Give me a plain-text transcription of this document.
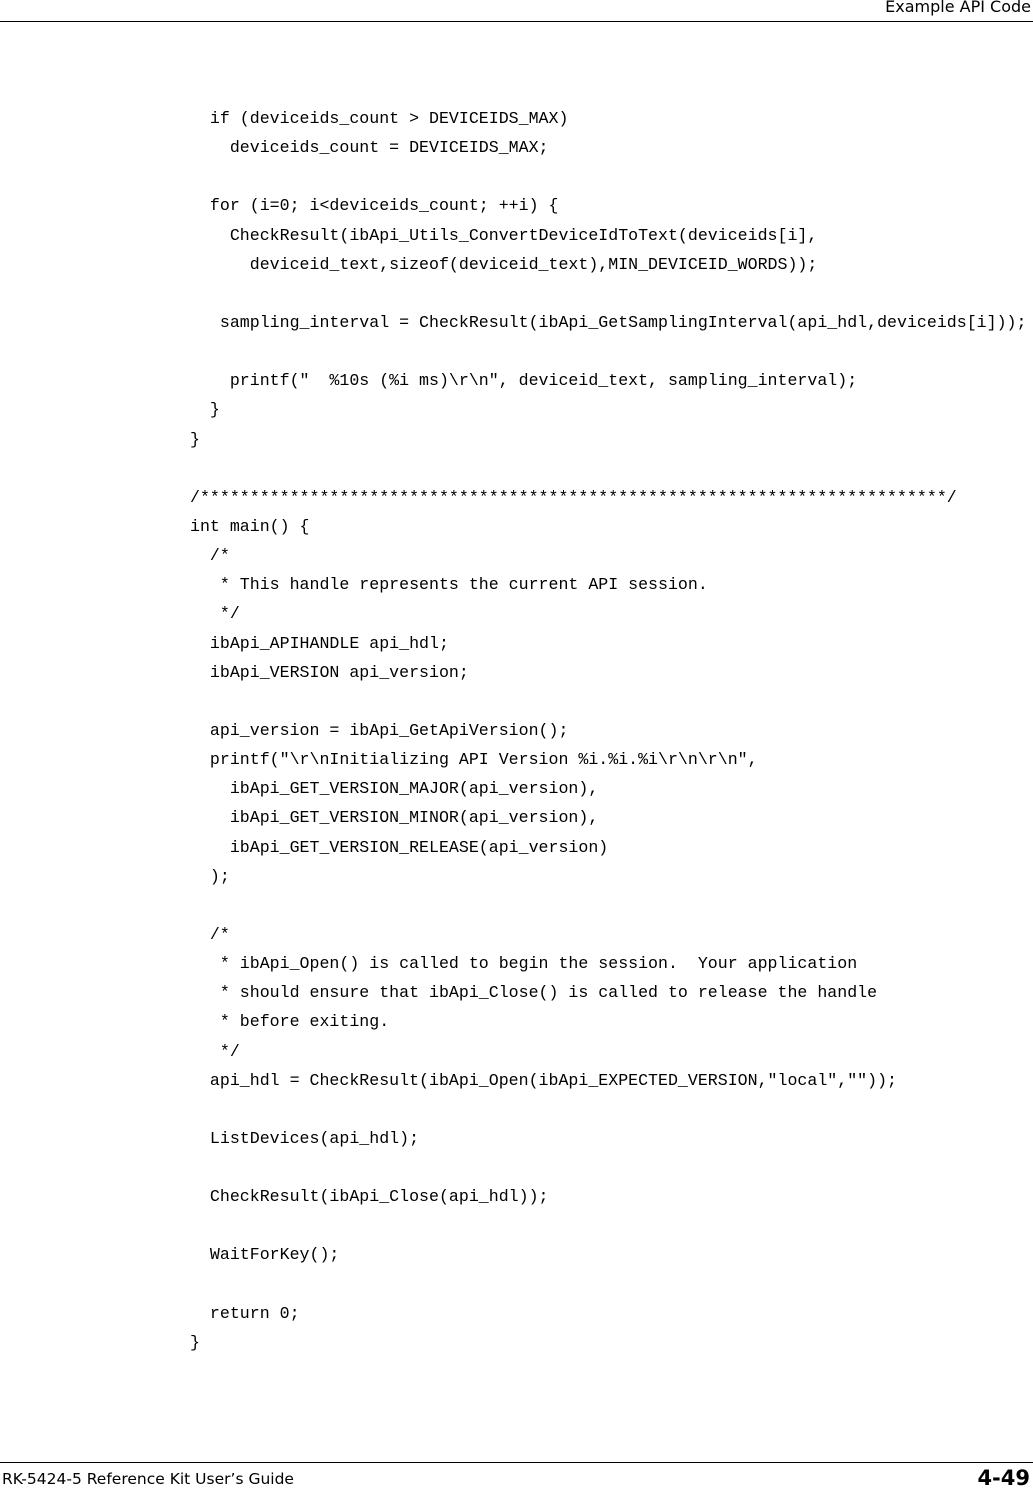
Example API Code
if (deviceids_count > DEVICEIDS_MAX)
deviceids_count = DEVICEIDS_MAX;
for (i=0; i<deviceids_count; ++i) {
CheckResult(ibApi_Utils_ConvertDeviceIdToText(deviceids[i],
deviceid_text,sizeof(deviceid_text),MIN_DEVICEID_WORDS));
sampling_interval = CheckResult(ibApi_GetSamplingInterval(api_hdl,deviceids[i]));
printf("  %10s (%i ms)\r\n", deviceid_text, sampling_interval);
}
}
/***************************************************************************/
int main() {
/*
* This handle represents the current API session.
*/
ibApi_APIHANDLE api_hdl;
ibApi_VERSION api_version;
api_version = ibApi_GetApiVersion();
printf("\r\nInitializing API Version %i.%i.%i\r\n\r\n",
ibApi_GET_VERSION_MAJOR(api_version),
ibApi_GET_VERSION_MINOR(api_version),
ibApi_GET_VERSION_RELEASE(api_version)
);
/*
* ibApi_Open() is called to begin the session.  Your application
* should ensure that ibApi_Close() is called to release the handle
* before exiting.
*/
api_hdl = CheckResult(ibApi_Open(ibApi_EXPECTED_VERSION,"local",""));
ListDevices(api_hdl);
CheckResult(ibApi_Close(api_hdl));
WaitForKey();
return 0;
}
RK-5424-5 Reference Kit User’s Guide	4-49
